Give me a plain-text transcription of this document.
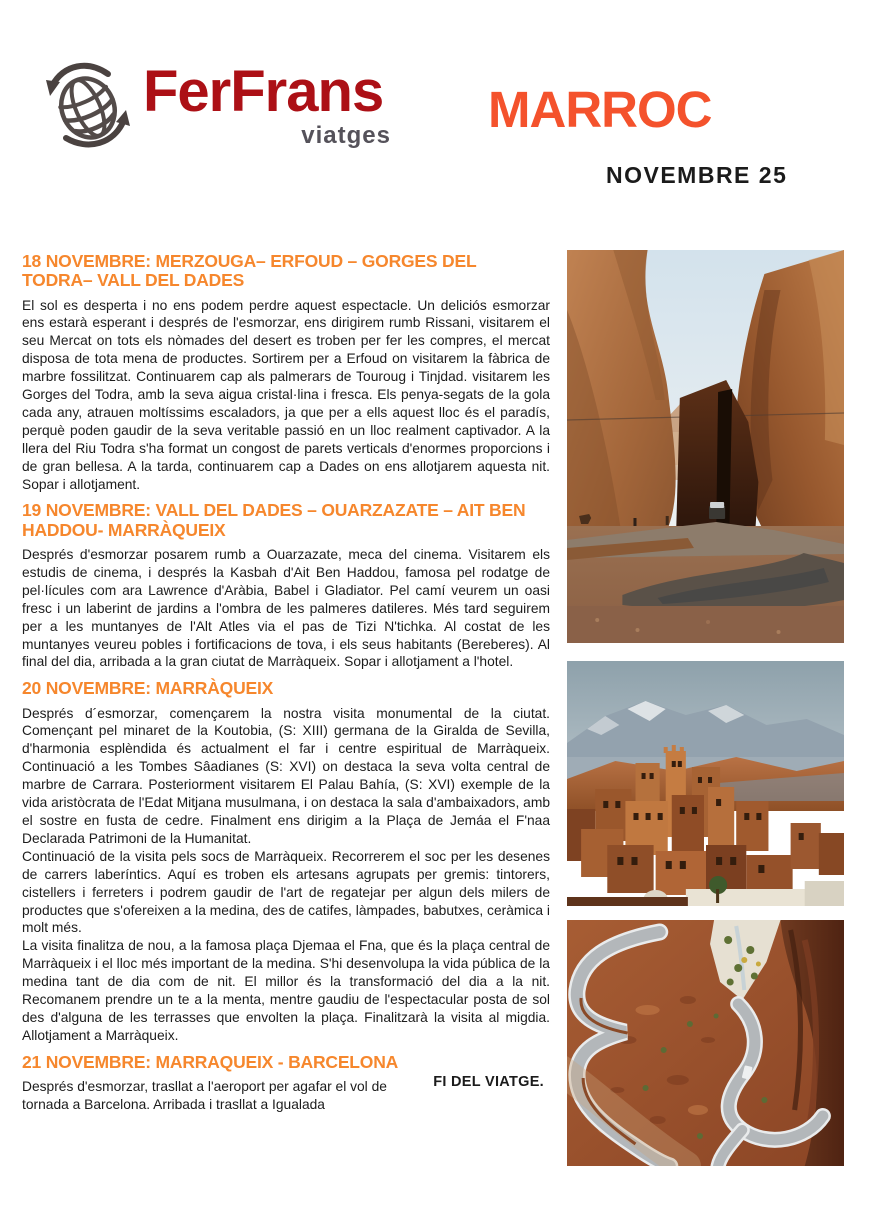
FerFrans
viatges MARROC
NOVEMBRE 25
18 NOVEMBRE: MERZOUGA– ERFOUD – GORGES DEL TODRA– VALL DEL DADES

El sol es desperta i no ens podem perdre aquest espectacle. Un deliciós esmorzar ens estarà esperant i després de l'esmorzar, ens dirigirem rumb Rissani, visitarem el seu Mercat on tots els nòmades del desert es troben per fer les compres, el mercat disposa de tota mena de productes. Sortirem per a Erfoud on visitarem la fàbrica de marbre fossilitzat. Continuarem cap als palmerars de Touroug i Tinjdad. visitarem les Gorges del Todra, amb la seva aigua cristal·lina i fresca. Els penya-segats de la gola cada any, atrauen moltíssims escaladors, ja que per a ells aquest lloc és el paradís, perquè poden gaudir de la seva veritable passió en un lloc realment captivador. A la llera del Riu Todra s'ha format un congost de parets verticals d'enormes proporcions i de gran bellesa. A la tarda, continuarem cap a Dades on ens allotjarem aquesta nit. Sopar i allotjament.

19 NOVEMBRE: VALL DEL DADES – OUARZAZATE – AIT BEN HADDOU- MARRÀQUEIX

Després d'esmorzar posarem rumb a Ouarzazate, meca del cinema. Visitarem els estudis de cinema, i després la Kasbah d'Ait Ben Haddou, famosa pel rodatge de pel·lícules com ara Lawrence d'Aràbia, Babel i Gladiator. Pel camí veurem un oasi fresc i un laberint de jardins a l'ombra de les palmeres datileres. Més tard seguirem per a les muntanyes de l'Alt Atles via el pas de Tizi N'tichka. Al costat de les muntanyes veureu pobles i fortificacions de tova, i els seus habitants (Bereberes). Al final del dia, arribada a la gran ciutat de Marràqueix. Sopar i allotjament a l'hotel.

20 NOVEMBRE: MARRÀQUEIX

Després d´esmorzar, començarem la nostra visita monumental de la ciutat. Començant pel minaret de la Koutobia, (S: XIII) germana de la Giralda de Sevilla, d'harmonia esplèndida és actualment el far i centre espiritual de Marràqueix. Continuació a les Tombes Sâadianes (S: XVI) on destaca la seva volta central de marbre de Carrara. Posteriorment visitarem El Palau Bahía, (S: XVI) exemple de la vida aristòcrata de l'Edat Mitjana musulmana, i on destaca la sala d'ambaixadors, amb el sostre en fusta de cedre. Finalment ens dirigim a la Plaça de Jemáa el F'naa Declarada Patrimoni de la Humanitat.

Continuació de la visita pels socs de Marràqueix. Recorrerem el soc per les desenes de carrers laberíntics. Aquí es troben els artesans agrupats per gremis: tintorers, cistellers i ferreters i podrem gaudir de l'art de regatejar per algun dels milers de productes que s'ofereixen a la medina, des de catifes, làmpades, babutxes, ceràmica i molt més.

La visita finalitza de nou, a la famosa plaça Djemaa el Fna, que és la plaça central de Marràqueix i el lloc més important de la medina. S'hi desenvolupa la vida pública de la medina tant de dia com de nit. El millor és la transformació del dia a la nit. Recomanem prendre un te a la menta, mentre gaudiu de l'espectacular posta de sol des d'alguna de les terrasses que envolten la plaça. Finalitzarà la visita al migdia. Allotjament a Marràqueix.

21 NOVEMBRE: MARRAQUEIX - BARCELONA

Després d'esmorzar, trasllat a l'aeroport per agafar el vol de tornada a Barcelona. Arribada i trasllat a Igualada

FI DEL VIATGE.
